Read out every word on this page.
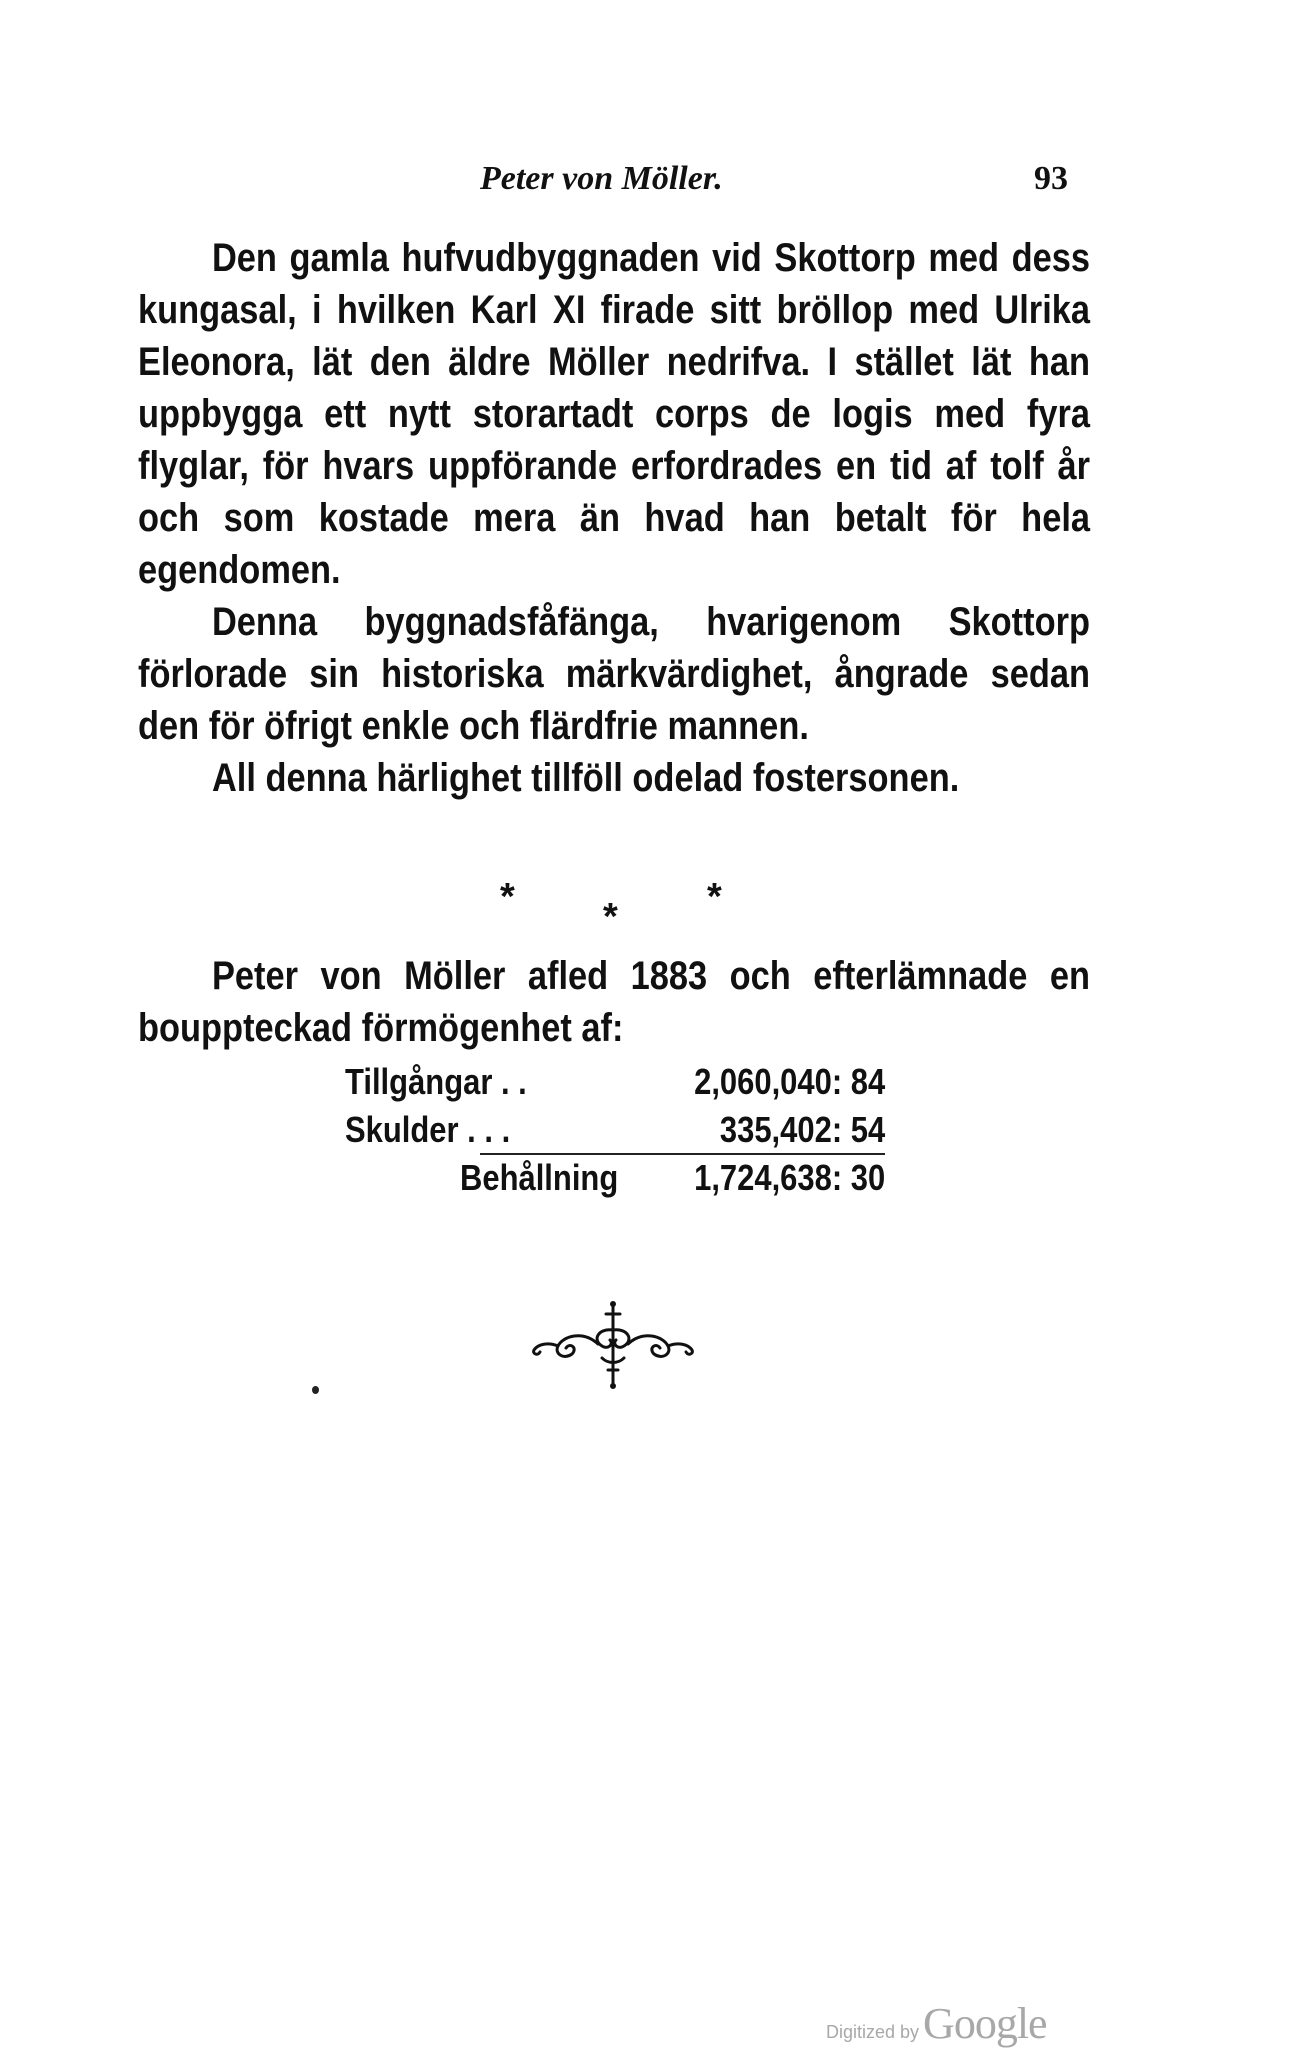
Peter von Möller.	93

Den gamla hufvudbyggnaden vid Skottorp med dess kungasal, i hvilken Karl XI firade sitt bröllop med Ulrika Eleonora, lät den äldre Möller nedrifva. I stället lät han uppbygga ett nytt storartadt corps de logis med fyra flyglar, för hvars uppförande erfordrades en tid af tolf år och som kostade mera än hvad han betalt för hela egendomen.

Denna byggnadsfåfänga, hvarigenom Skottorp förlorade sin historiska märkvärdighet, ångrade sedan den för öfrigt enkle och flärdfrie mannen.

All denna härlighet tillföll odelad fostersonen.

* * *

Peter von Möller afled 1883 och efterlämnade en bouppteckad förmögenhet af:

Tillgångar . .	2,060,040: 84
Skulder . . .	335,402: 54
Behållning 1,724,638: 30
Digitized by Google
